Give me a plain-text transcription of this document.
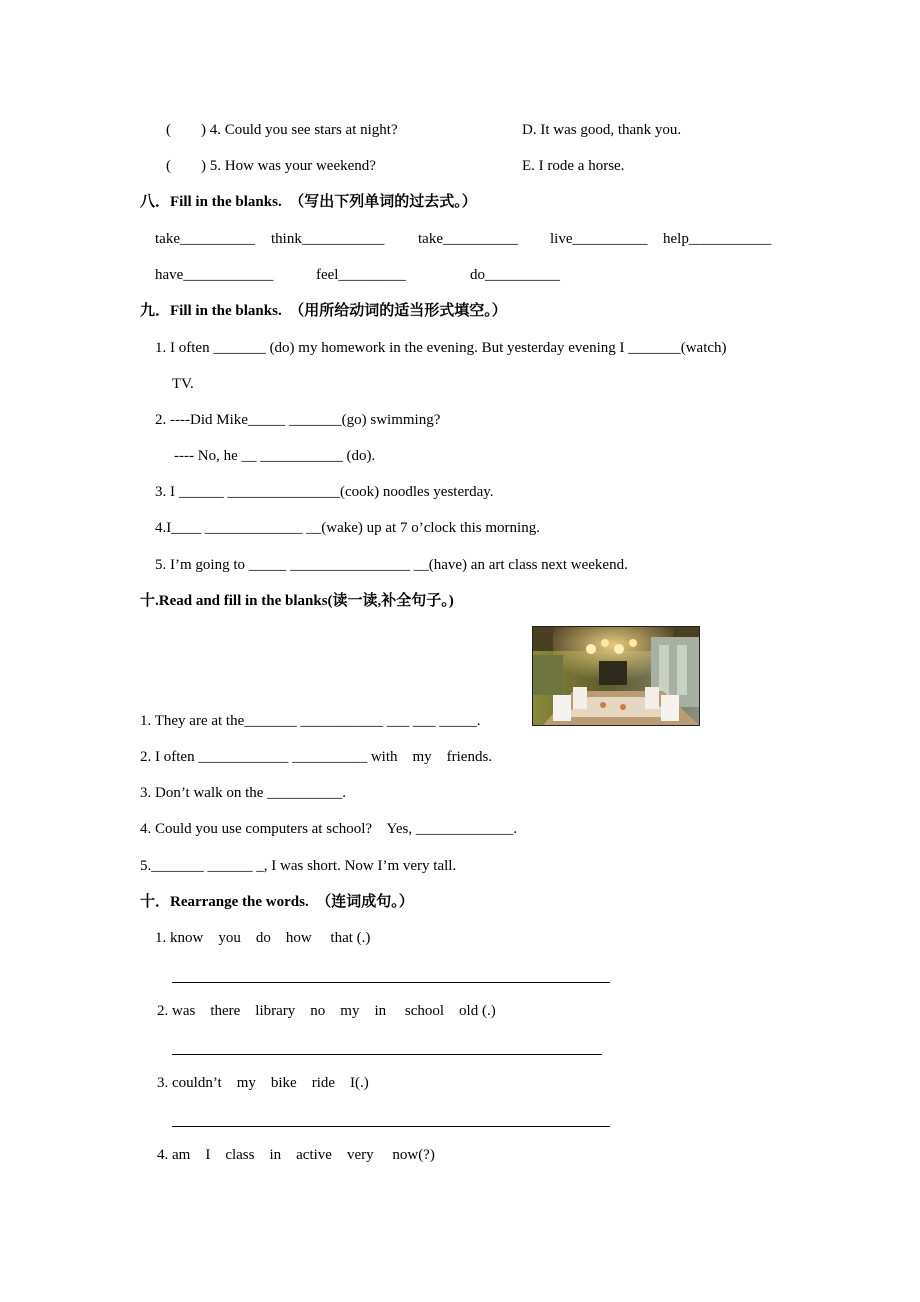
(        ) 4. Could you see stars at night?	D. It was good, thank you.
(        ) 5. How was your weekend?	E. I rode a horse.
八．Fill in the blanks.  （写出下列单词的过去式。）
take__________ think___________ take__________ live__________ help___________
have____________	feel_________	do__________
九．Fill in the blanks.  （用所给动词的适当形式填空。）
1. I often _______ (do) my homework in the evening. But yesterday evening I _______(watch)
TV.
2. ----Did Mike_____ _______(go) swimming?
---- No, he __ ___________ (do).
3. I ______ _______________(cook) noodles yesterday.
4.I____ _____________ __(wake) up at 7 o’clock this morning.
5. I’m going to _____ ________________ __(have) an art class next weekend.
十.Read and fill in the blanks(读一读,补全句子。)
1. They are at the_______ ___________ ___ ___ _____.
2. I often ____________ __________ with    my    friends.
3. Don’t walk on the __________.
4. Could you use computers at school?    Yes, _____________.
5._______ ______ _, I was short. Now I’m very tall.
十．Rearrange the words.  （连词成句。）
1. know    you    do    how     that (.)
2. was    there    library    no    my    in     school    old (.)
3. couldn’t    my    bike    ride    I(.)
4. am    I    class    in    active    very     now(?)
